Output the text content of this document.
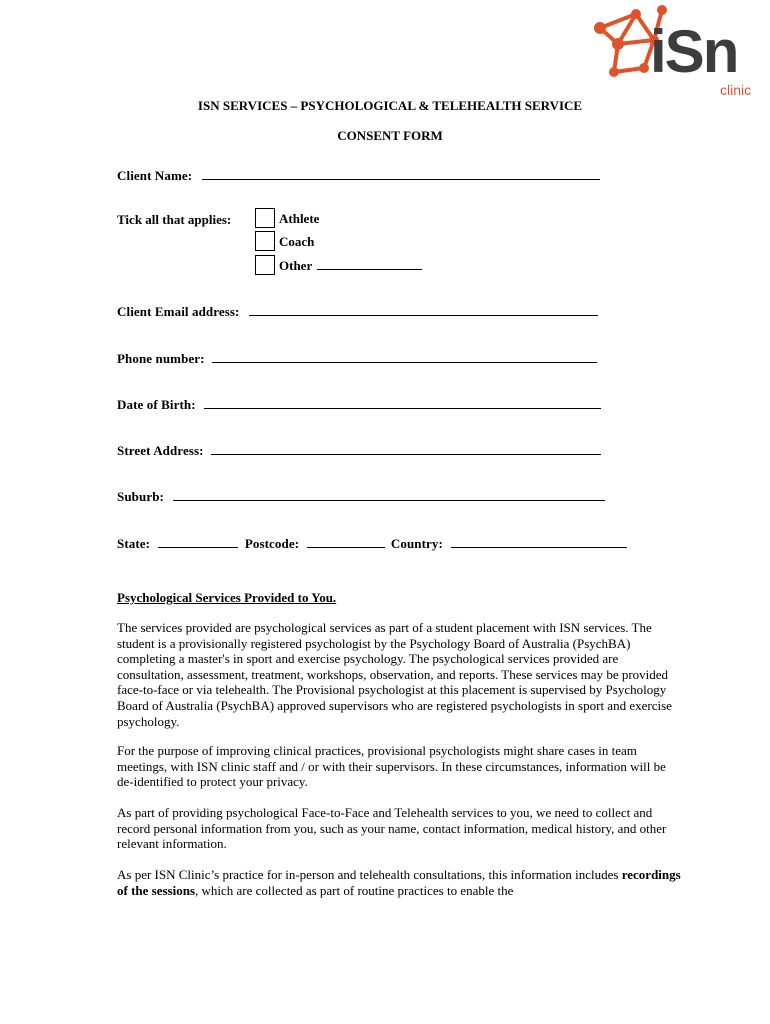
iSn
clinic
ISN SERVICES – PSYCHOLOGICAL & TELEHEALTH SERVICE
CONSENT FORM
Client Name:
Tick all that applies:	Athlete
Coach
Other
Client Email address:
Phone number:
Date of Birth:
Street Address:
Suburb:
State:	Postcode:	Country:
Psychological Services Provided to You.
The services provided are psychological services as part of a student placement with ISN services. The student is a provisionally registered psychologist by the Psychology Board of Australia (PsychBA) completing a master's in sport and exercise psychology. The psychological services provided are consultation, assessment, treatment, workshops, observation, and reports. These services may be provided face-to-face or via telehealth. The Provisional psychologist at this placement is supervised by Psychology Board of Australia (PsychBA) approved supervisors who are registered psychologists in sport and exercise psychology.
For the purpose of improving clinical practices, provisional psychologists might share cases in team meetings, with ISN clinic staff and / or with their supervisors. In these circumstances, information will be de-identified to protect your privacy.
As part of providing psychological Face-to-Face and Telehealth services to you, we need to collect and record personal information from you, such as your name, contact information, medical history, and other relevant information.
As per ISN Clinic’s practice for in-person and telehealth consultations, this information includes recordings of the sessions, which are collected as part of routine practices to enable the
